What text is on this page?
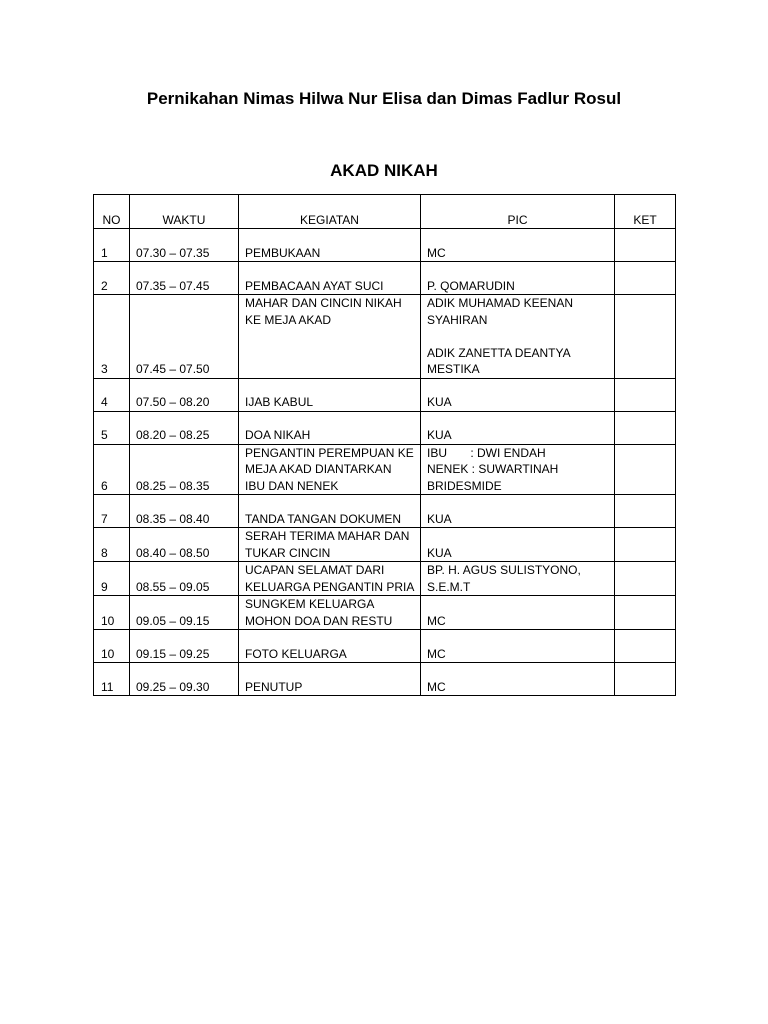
Pernikahan Nimas Hilwa Nur Elisa dan Dimas Fadlur Rosul
AKAD NIKAH
NO	WAKTU	KEGIATAN	PIC	KET
1	07.30 – 07.35	PEMBUKAAN	MC	

2	07.35 – 07.45	PEMBACAAN AYAT SUCI	P. QOMARUDIN	

3	07.45 – 07.50	MAHAR DAN CINCIN NIKAH
KE MEJA AKAD	ADIK MUHAMAD KEENAN
SYAHIRAN
ADIK ZANETTA DEANTYA
MESTIKA	

4	07.50 – 08.20	IJAB KABUL	KUA	

5	08.20 – 08.25	DOA NIKAH	KUA	

6	08.25 – 08.35	PENGANTIN PEREMPUAN KE
MEJA AKAD DIANTARKAN
IBU DAN NENEK	IBU       : DWI ENDAH
NENEK : SUWARTINAH
BRIDESMIDE	

7	08.35 – 08.40	TANDA TANGAN DOKUMEN	KUA	

8	08.40 – 08.50	SERAH TERIMA MAHAR DAN
TUKAR CINCIN	KUA	

9	08.55 – 09.05	UCAPAN SELAMAT DARI
KELUARGA PENGANTIN PRIA	BP. H. AGUS SULISTYONO,
S.E.M.T	

10	09.05 – 09.15	SUNGKEM KELUARGA
MOHON DOA DAN RESTU	MC	

10	09.15 – 09.25	FOTO KELUARGA	MC	

11	09.25 – 09.30	PENUTUP	MC	
